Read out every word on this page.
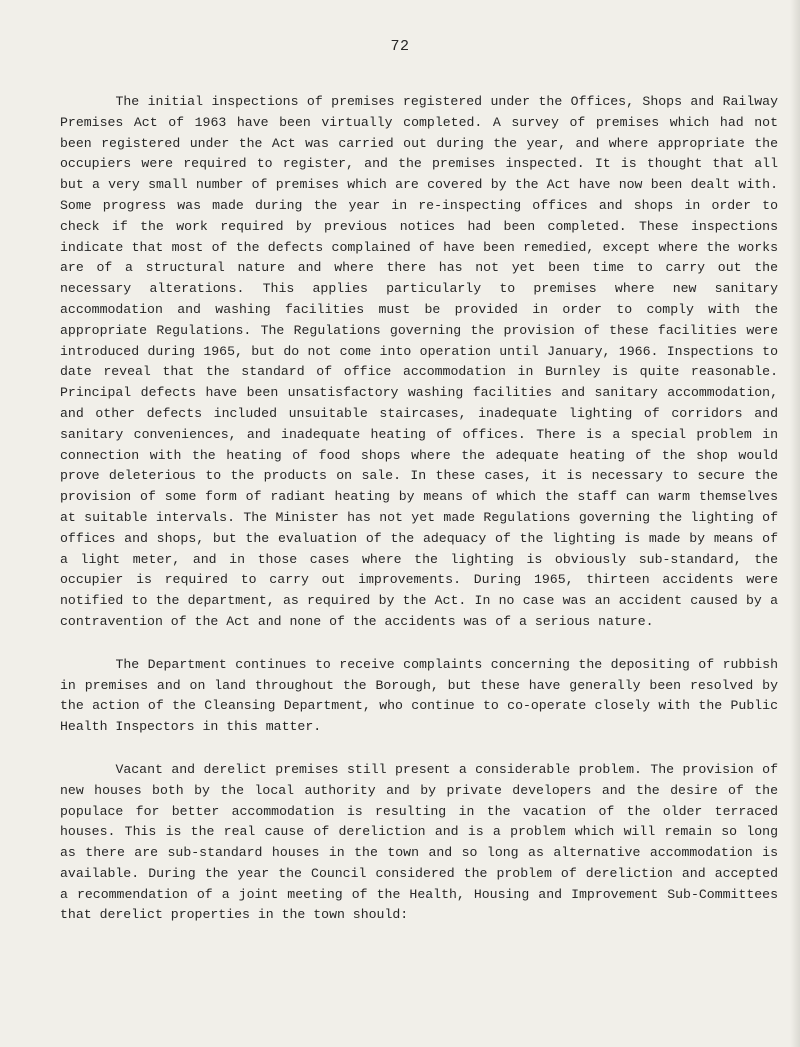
72

The initial inspections of premises registered under the Offices, Shops and Railway Premises Act of 1963 have been virtually completed. A survey of premises which had not been registered under the Act was carried out during the year, and where appropriate the occupiers were required to register, and the premises inspected. It is thought that all but a very small number of premises which are covered by the Act have now been dealt with. Some progress was made during the year in re-inspecting offices and shops in order to check if the work required by previous notices had been completed. These inspections indicate that most of the defects complained of have been remedied, except where the works are of a structural nature and where there has not yet been time to carry out the necessary alterations. This applies particularly to premises where new sanitary accommodation and washing facilities must be provided in order to comply with the appropriate Regulations. The Regulations governing the provision of these facilities were introduced during 1965, but do not come into operation until January, 1966. Inspections to date reveal that the standard of office accommodation in Burnley is quite reasonable. Principal defects have been unsatisfactory washing facilities and sanitary accommodation, and other defects included unsuitable staircases, inadequate lighting of corridors and sanitary conveniences, and inadequate heating of offices. There is a special problem in connection with the heating of food shops where the adequate heating of the shop would prove deleterious to the products on sale. In these cases, it is necessary to secure the provision of some form of radiant heating by means of which the staff can warm themselves at suitable intervals. The Minister has not yet made Regulations governing the lighting of offices and shops, but the evaluation of the adequacy of the lighting is made by means of a light meter, and in those cases where the lighting is obviously sub-standard, the occupier is required to carry out improvements. During 1965, thirteen accidents were notified to the department, as required by the Act. In no case was an accident caused by a contravention of the Act and none of the accidents was of a serious nature.

The Department continues to receive complaints concerning the depositing of rubbish in premises and on land throughout the Borough, but these have generally been resolved by the action of the Cleansing Department, who continue to co-operate closely with the Public Health Inspectors in this matter.

Vacant and derelict premises still present a considerable problem. The provision of new houses both by the local authority and by private developers and the desire of the populace for better accommodation is resulting in the vacation of the older terraced houses. This is the real cause of dereliction and is a problem which will remain so long as there are sub-standard houses in the town and so long as alternative accommodation is available. During the year the Council considered the problem of dereliction and accepted a recommendation of a joint meeting of the Health, Housing and Improvement Sub-Committees that derelict properties in the town should:
